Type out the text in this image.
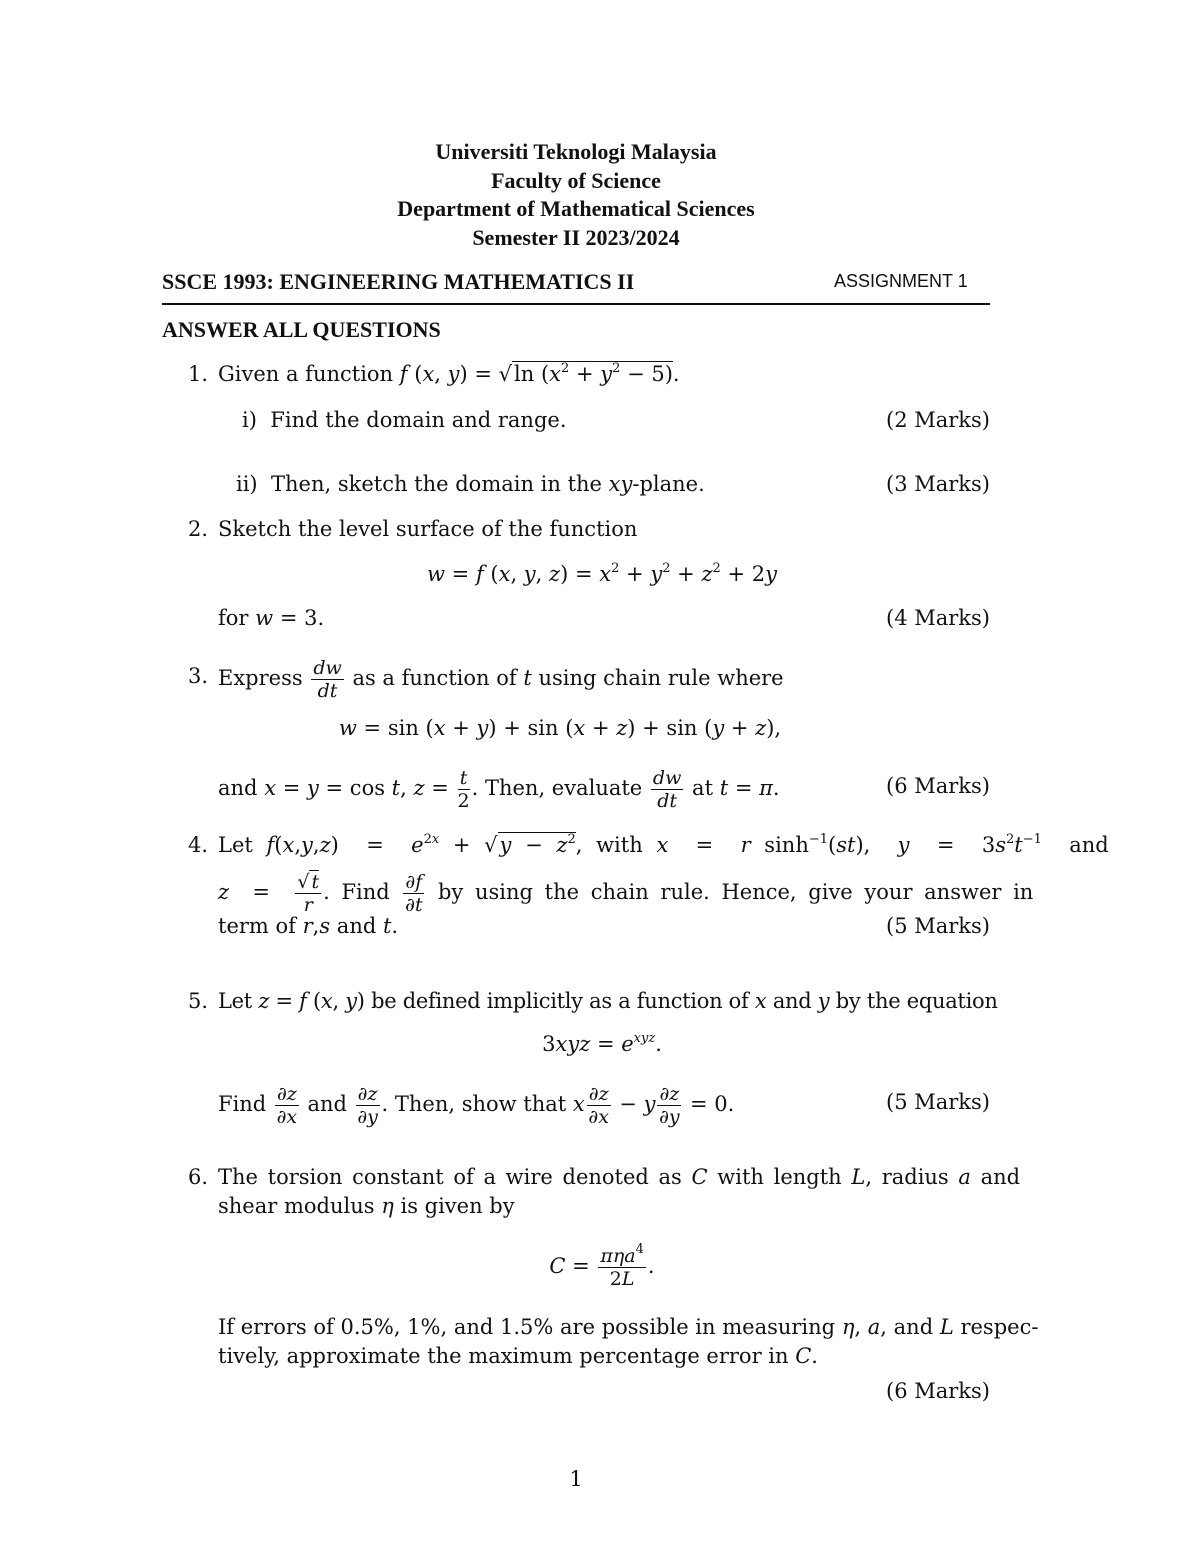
Universiti Teknologi Malaysia
Faculty of Science
Department of Mathematical Sciences
Semester II 2023/2024
SSCE 1993: ENGINEERING MATHEMATICS II	ASSIGNMENT 1
ANSWER ALL QUESTIONS
1. Given a function f (x, y) = √ln $(x^2 + y^2 - 5)$.
i) Find the domain and range.	(2 Marks)
ii) Then, sketch the domain in the xy-plane.	(3 Marks)
2. Sketch the level surface of the function
w = f (x, y, $z) = x^2 + y^2 + z^2 + 2y$
for w = 3.	(4 Marks)
3. Express $\frac{dw}{dt}$ as a function of t using chain rule where
w = sin (x + y) + sin (x + z) + sin (y + z),
and x = y = cos t, $z = \frac{t}{2}$ . Then, evaluate $\frac{dw}{dt}$ at t = π.	(6 Marks)
4. Let $f(x,y,z) = e^{2x} + √y - z^2$, with x  =  r $\sinh^{-1}(st)$,  $y = 3s^2t^{-1}$ and
$z = \frac{√ t}{r}$ . Find $\frac{\partial f}{\partial t}$ by using the chain rule. Hence, give your answer in
term of r,s and t.	(5 Marks)
5. Let z = f (x, y) be defined implicitly as a function of x and y by the equation
$3xyz = e^{xyz}$.
Find $\frac{\partial z}{\partial x}$ and $\frac{\partial z}{\partial y}$ . Then, show that x $\frac{\partial z}{\partial x} - y \frac{\partial z}{\partial y} = 0$.	(5 Marks)
6. The torsion constant of a wire denoted as C with length L, radius a and
shear modulus η is given by
$C = \frac{\pi\eta a^4}{2L}$ .
If errors of 0.5%, 1%, and 1.5% are possible in measuring η, a, and L respec-
tively, approximate the maximum percentage error in C.
(6 Marks)
1
